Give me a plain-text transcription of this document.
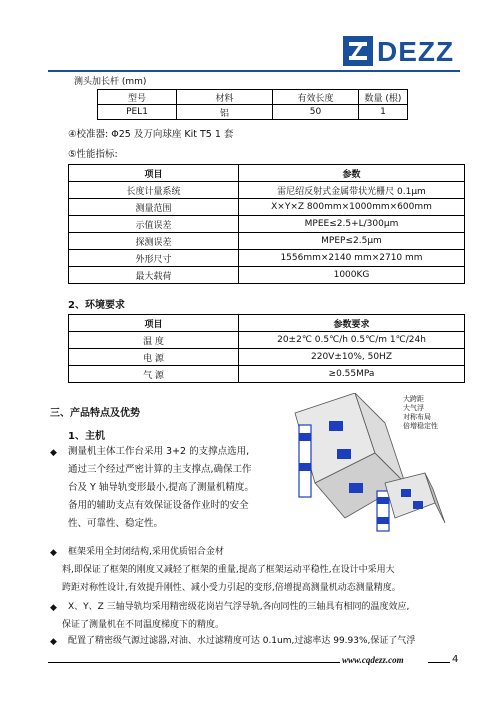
DEZZ
测头加长杆 (mm)
型号	材料	有效长度	数量 (根)
PEL1	铝	50	1
④校准器: Φ25 及万向球座 Kit T5 1 套
⑤性能指标:
项目	参数
长度计量系统	雷尼绍反射式金属带状光栅尺 0.1μm
测量范围	X×Y×Z 800mm×1000mm×600mm
示值误差	MPEE≤2.5+L/300μm
探测误差	MPEP≤2.5μm
外形尺寸	1556mm×2140 mm×2710 mm
最大载荷	1000KG
2、环境要求
项目	参数要求
温 度	20±2℃ 0.5℃/h 0.5℃/m 1℃/24h
电 源	220V±10%, 50HZ
气 源	≥0.55MPa
三、产品特点及优势
1、主机
◆ 测量机主体工作台采用 3+2 的支撑点选用,
通过三个经过严密计算的主支撑点,确保工作
台及 Y 轴导轨变形最小,提高了测量机精度。
备用的辅助支点有效保证设备作业时的安全
性、可靠性、稳定性。
◆ 框架采用全封闭结构,采用优质铝合金材
料,即保证了框架的刚度又减轻了框架的重量,提高了框架运动平稳性,在设计中采用大
跨距对称性设计,有效提升刚性、减小受力引起的变形,倍增提高测量机动态测量精度。
◆ X、Y、Z 三轴导轨均采用精密级花岗岩气浮导轨,各向同性的三轴具有相同的温度效应,
保证了测量机在不同温度梯度下的精度。
◆ 配置了精密级气源过滤器,对油、水过滤精度可达 0.1um,过滤率达 99.93%,保证了气浮
大跨距
大气浮
对称布局
倍增稳定性
www.cqdezz.com	4
